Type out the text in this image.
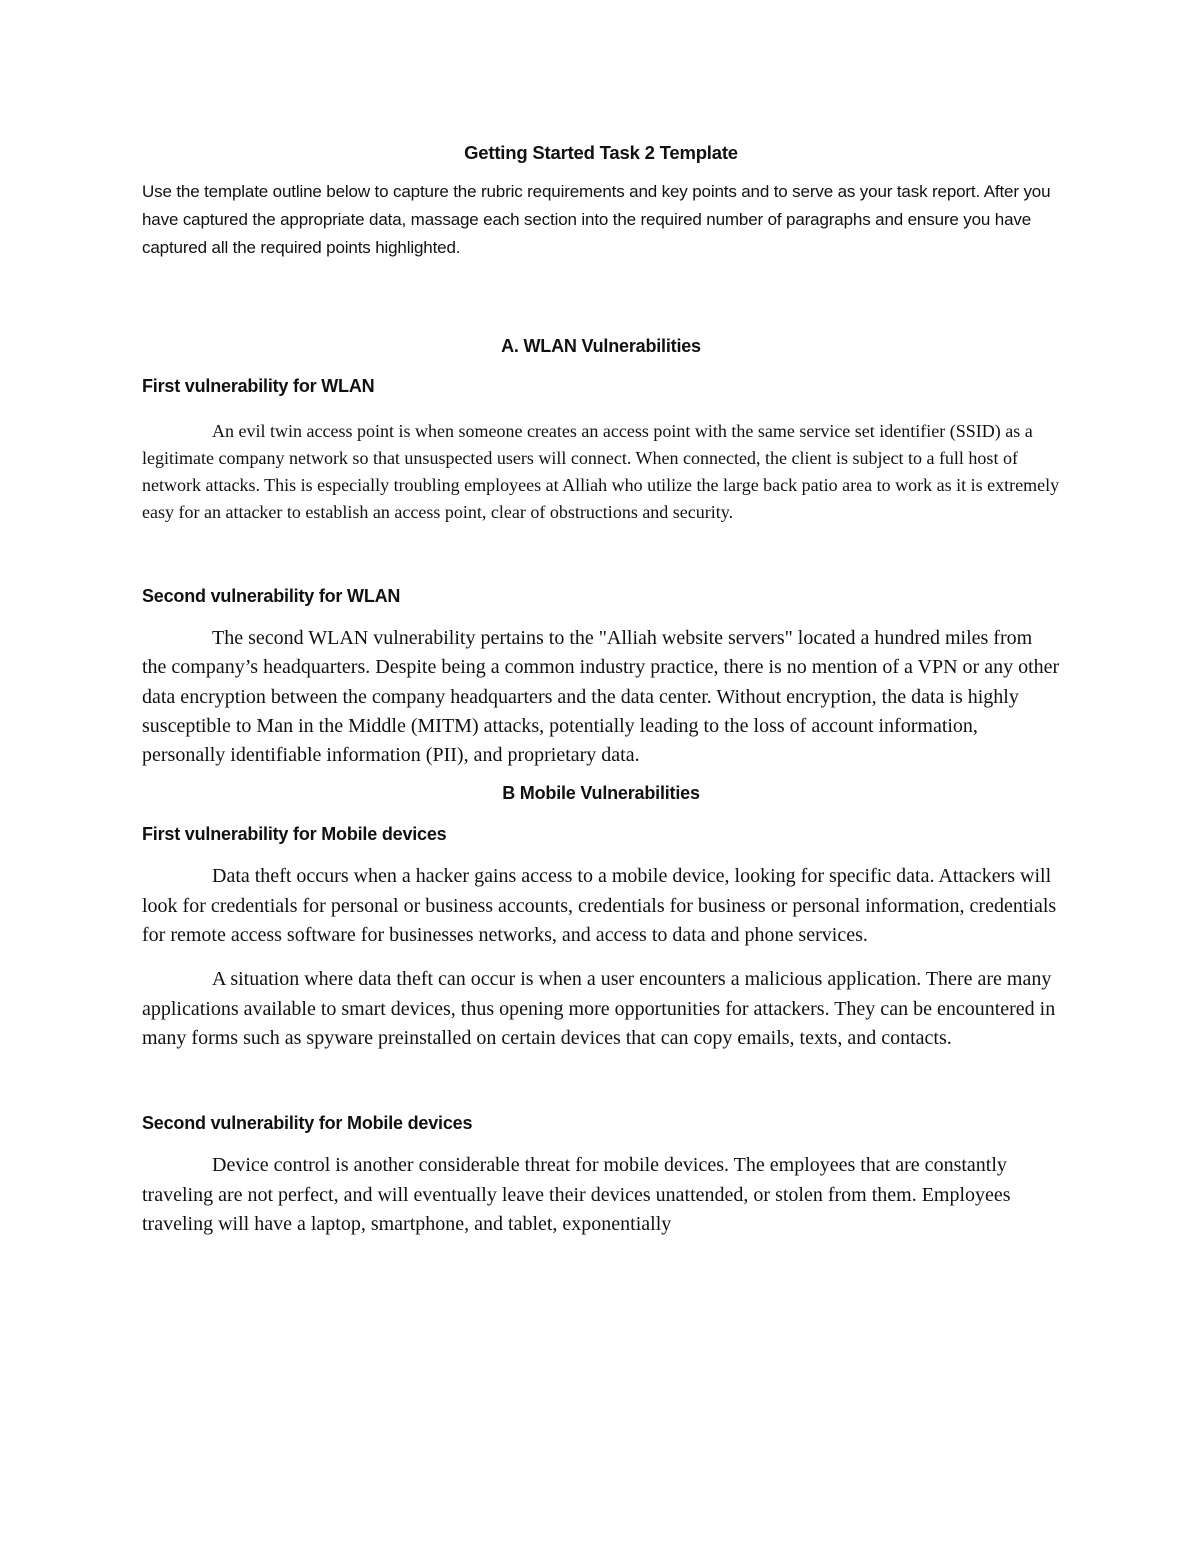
Getting Started Task 2 Template

Use the template outline below to capture the rubric requirements and key points and to serve as your task report. After you have captured the appropriate data, massage each section into the required number of paragraphs and ensure you have captured all the required points highlighted.

A. WLAN Vulnerabilities
First vulnerability for WLAN

An evil twin access point is when someone creates an access point with the same service set identifier (SSID) as a legitimate company network so that unsuspected users will connect. When connected, the client is subject to a full host of network attacks. This is especially troubling employees at Alliah who utilize the large back patio area to work as it is extremely easy for an attacker to establish an access point, clear of obstructions and security.

Second vulnerability for WLAN

The second WLAN vulnerability pertains to the "Alliah website servers" located a hundred miles from the company’s headquarters. Despite being a common industry practice, there is no mention of a VPN or any other data encryption between the company headquarters and the data center. Without encryption, the data is highly susceptible to Man in the Middle (MITM) attacks, potentially leading to the loss of account information, personally identifiable information (PII), and proprietary data.

B Mobile Vulnerabilities
First vulnerability for Mobile devices

Data theft occurs when a hacker gains access to a mobile device, looking for specific data. Attackers will look for credentials for personal or business accounts, credentials for business or personal information, credentials for remote access software for businesses networks, and access to data and phone services.

A situation where data theft can occur is when a user encounters a malicious application. There are many applications available to smart devices, thus opening more opportunities for attackers. They can be encountered in many forms such as spyware preinstalled on certain devices that can copy emails, texts, and contacts.

Second vulnerability for Mobile devices

Device control is another considerable threat for mobile devices. The employees that are constantly traveling are not perfect, and will eventually leave their devices unattended, or stolen from them. Employees traveling will have a laptop, smartphone, and tablet, exponentially
